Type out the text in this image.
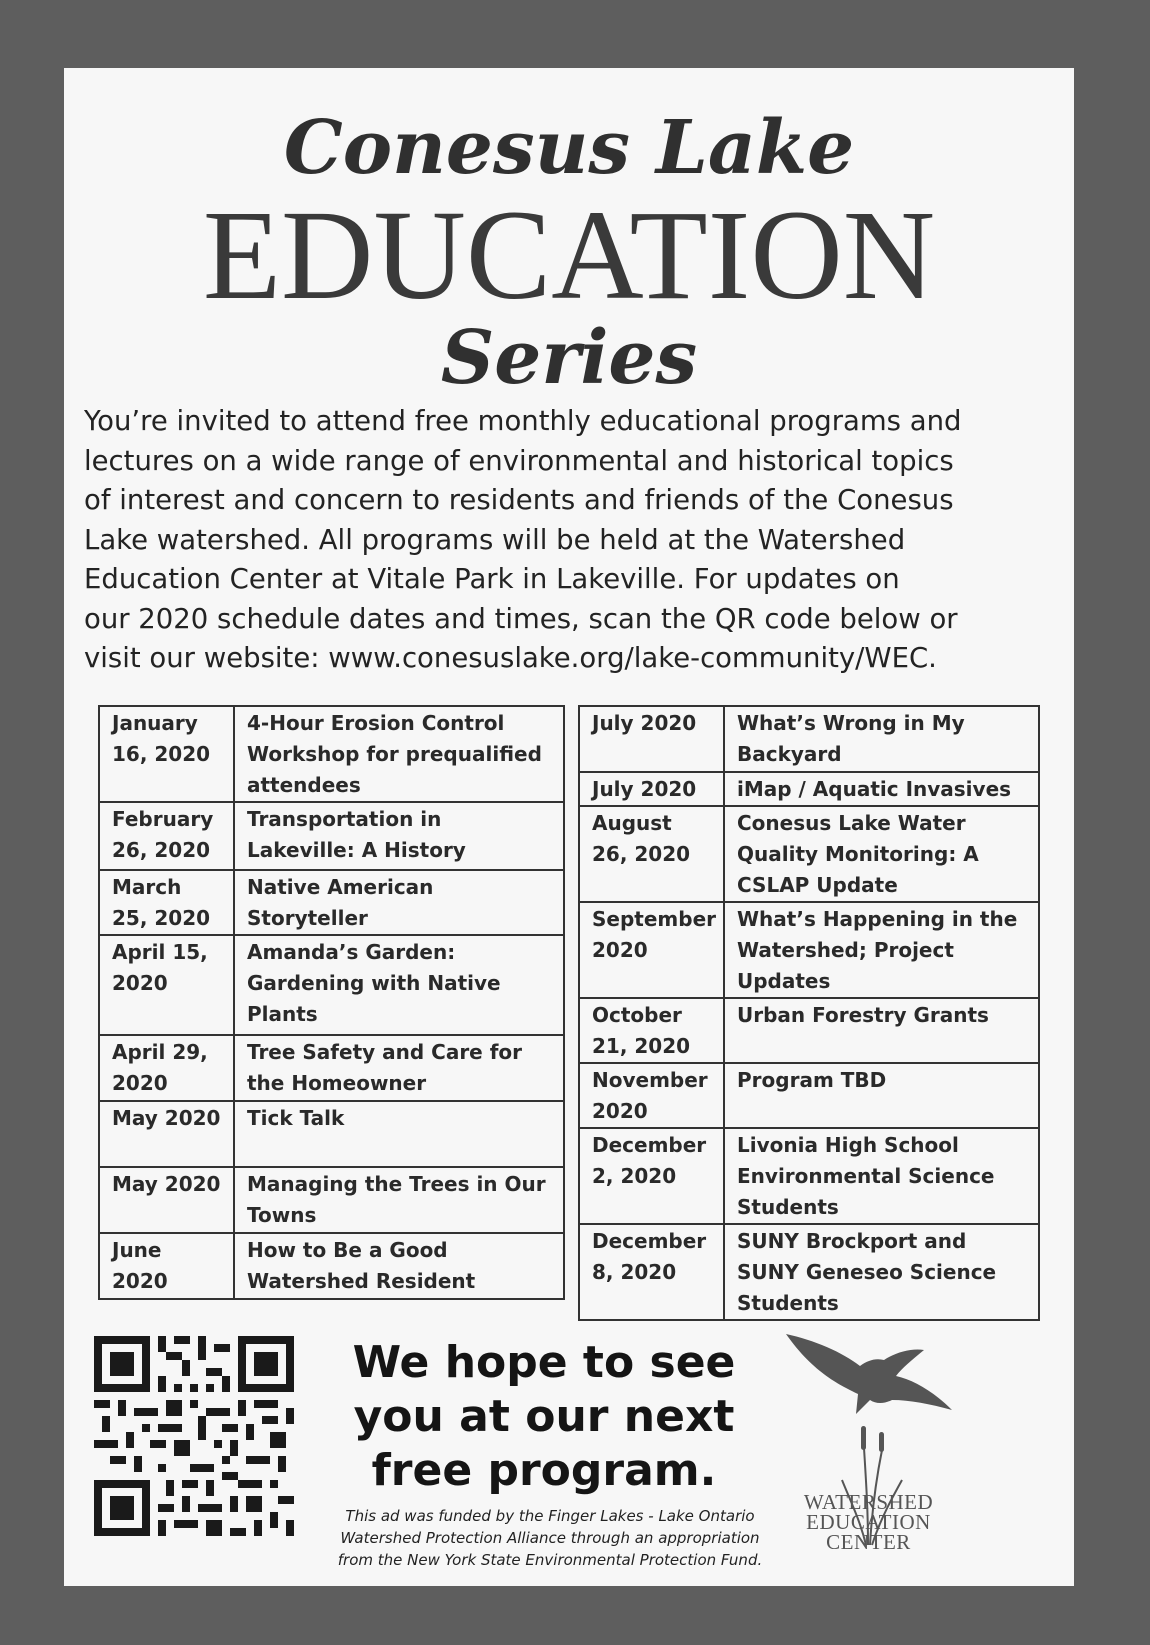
Conesus Lake
EDUCATION
Series

You’re invited to attend free monthly educational programs and
lectures on a wide range of environmental and historical topics
of interest and concern to residents and friends of the Conesus
Lake watershed. All programs will be held at the Watershed
Education Center at Vitale Park in Lakeville. For updates on
our 2020 schedule dates and times, scan the QR code below or
visit our website: www.conesuslake.org/lake-community/WEC.

January 16, 2020	4-Hour Erosion Control Workshop for prequalified attendees
February 26, 2020	Transportation in Lakeville: A History
March 25, 2020	Native American Storyteller
April 15, 2020	Amanda’s Garden: Gardening with Native Plants
April 29, 2020	Tree Safety and Care for the Homeowner
May 2020	Tick Talk
May 2020	Managing the Trees in Our Towns
June 2020	How to Be a Good Watershed Resident
July 2020	What’s Wrong in My Backyard
July 2020	iMap / Aquatic Invasives
August 26, 2020	Conesus Lake Water Quality Monitoring: A CSLAP Update
September 2020	What’s Happening in the Watershed; Project Updates
October 21, 2020	Urban Forestry Grants
November 2020	Program TBD
December 2, 2020	Livonia High School Environmental Science Students
December 8, 2020	SUNY Brockport and SUNY Geneseo Science Students
We hope to see
you at our next
free program.
This ad was funded by the Finger Lakes - Lake Ontario
Watershed Protection Alliance through an appropriation
from the New York State Environmental Protection Fund.
WATERSHED
EDUCATION
CENTER
